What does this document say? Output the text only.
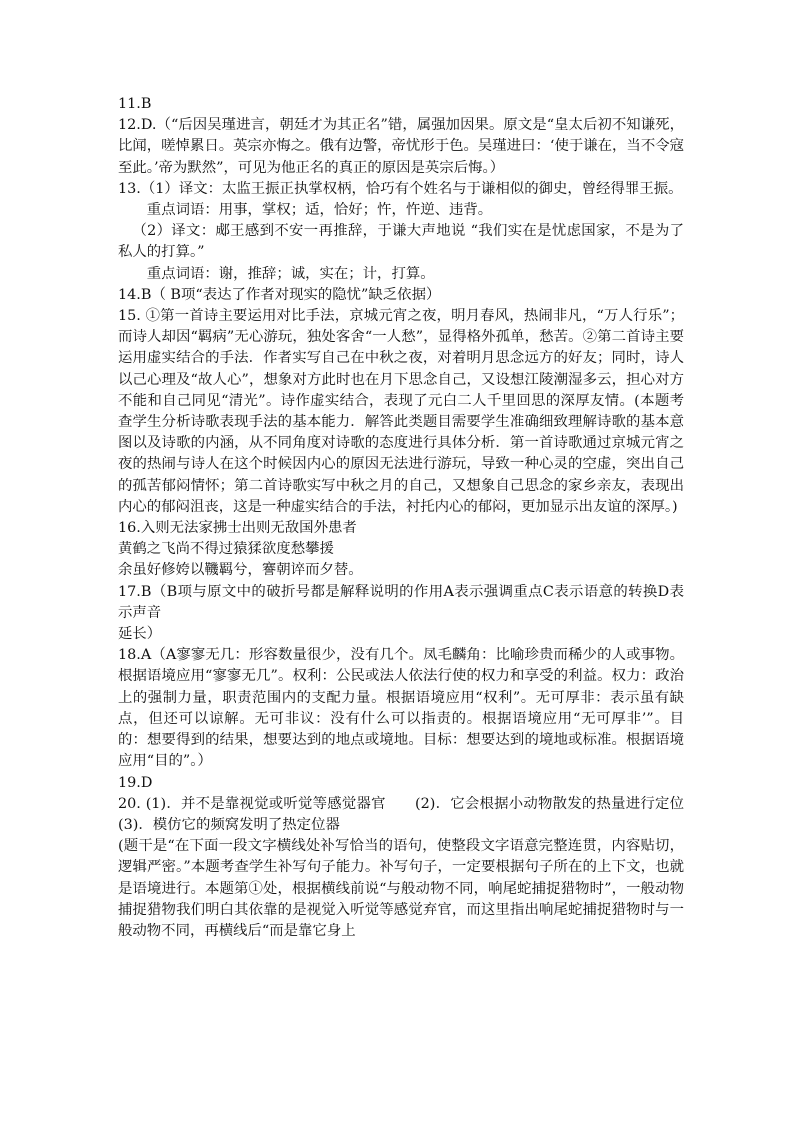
11.B

12.D.（“后因吴瑾进言，朝廷才为其正名”错，属强加因果。原文是“皇太后初不知谦死，比闻，嗟悼累日。英宗亦悔之。俄有边警，帝忧形于色。吴瑾进曰：‘使于谦在，当不令寇至此。’帝为默然”，可见为他正名的真正的原因是英宗后悔。）

13.（1）译文：太监王振正执掌权柄，恰巧有个姓名与于谦相似的御史，曾经得罪王振。

重点词语：用事，掌权；适，恰好；忤，忤逆、违背。

（2）译文：郕王感到不安一再推辞，于谦大声地说 “我们实在是忧虑国家，不是为了私人的打算。”

重点词语：谢，推辞；诚，实在；计，打算。

14.B（ B项“表达了作者对现实的隐忧”缺乏依据）

15. ①第一首诗主要运用对比手法，京城元宵之夜，明月春风，热闹非凡，“万人行乐”；而诗人却因“羁病”无心游玩，独处客舍“一人愁”，显得格外孤单，愁苦。②第二首诗主要运用虚实结合的手法．作者实写自己在中秋之夜，对着明月思念远方的好友；同时，诗人以己心理及“故人心”，想象对方此时也在月下思念自己，又设想江陵潮湿多云，担心对方不能和自己同见“清光”。诗作虚实结合，表现了元白二人千里回思的深厚友情。(本题考查学生分析诗歌表现手法的基本能力．解答此类题目需要学生准确细致理解诗歌的基本意图以及诗歌的内涵，从不同角度对诗歌的态度进行具体分析．第一首诗歌通过京城元宵之夜的热闹与诗人在这个时候因内心的原因无法进行游玩，导致一种心灵的空虚，突出自己的孤苦郁闷情怀；第二首诗歌实写中秋之月的自己，又想象自己思念的家乡亲友，表现出内心的郁闷沮丧，这是一种虚实结合的手法，衬托内心的郁闷，更加显示出友谊的深厚。)

16.入则无法家拂士出则无敌国外患者

黄鹤之飞尚不得过猿猱欲度愁攀援

余虽好修姱以鞿羁兮，謇朝谇而夕替。

17.B（B项与原文中的破折号都是解释说明的作用A表示强调重点C表示语意的转换D表示声音

延长）

18.A（A寥寥无几：形容数量很少，没有几个。凤毛麟角：比喻珍贵而稀少的人或事物。根据语境应用“寥寥无几”。权利：公民或法人依法行使的权力和享受的利益。权力：政治上的强制力量，职责范围内的支配力量。根据语境应用“权利”。无可厚非：表示虽有缺点，但还可以谅解。无可非议：没有什么可以指责的。根据语境应用“无可厚非’”。目的：想要得到的结果，想要达到的地点或境地。目标：想要达到的境地或标准。根据语境应用“目的”。）

19.D

20. (1)．并不是靠视觉或听觉等感觉器官　　(2)．它会根据小动物散发的热量进行定位　　(3)．模仿它的频窝发明了热定位器

(题干是“在下面一段文字横线处补写恰当的语句，使整段文字语意完整连贯，内容贴切，逻辑严密。”本题考查学生补写句子能力。补写句子，一定要根据句子所在的上下文，也就是语境进行。本题第①处，根据横线前说“与般动物不同，响尾蛇捕捉猎物时”，一般动物捕捉猎物我们明白其依靠的是视觉入听觉等感觉弃官，而这里指出响尾蛇捕捉猎物时与一般动物不同，再横线后“而是靠它身上
